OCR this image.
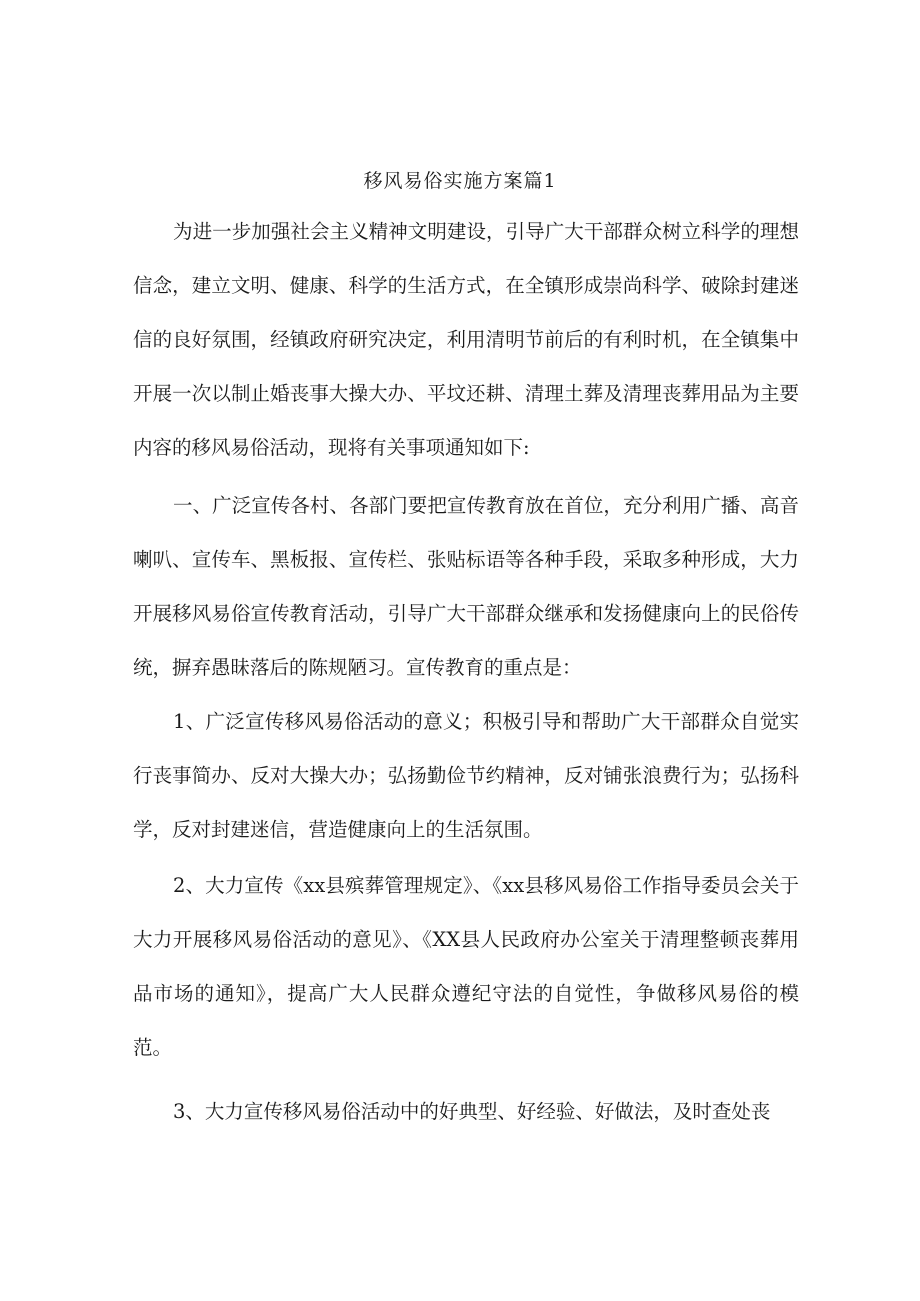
移风易俗实施方案篇1

为进一步加强社会主义精神文明建设，引导广大干部群众树立科学的理想信念，建立文明、健康、科学的生活方式，在全镇形成崇尚科学、破除封建迷信的良好氛围，经镇政府研究决定，利用清明节前后的有利时机，在全镇集中开展一次以制止婚丧事大操大办、平坟还耕、清理土葬及清理丧葬用品为主要内容的移风易俗活动，现将有关事项通知如下:

一、广泛宣传各村、各部门要把宣传教育放在首位，充分利用广播、高音喇叭、宣传车、黑板报、宣传栏、张贴标语等各种手段，采取多种形成，大力开展移风易俗宣传教育活动，引导广大干部群众继承和发扬健康向上的民俗传统，摒弃愚昧落后的陈规陋习。宣传教育的重点是：

1、广泛宣传移风易俗活动的意义；积极引导和帮助广大干部群众自觉实行丧事简办、反对大操大办；弘扬勤俭节约精神，反对铺张浪费行为；弘扬科学，反对封建迷信，营造健康向上的生活氛围。

2、大力宣传《xx县殡葬管理规定》、《xx县移风易俗工作指导委员会关于大力开展移风易俗活动的意见》、《XX县人民政府办公室关于清理整顿丧葬用品市场的通知》，提高广大人民群众遵纪守法的自觉性，争做移风易俗的模范。

3、大力宣传移风易俗活动中的好典型、好经验、好做法，及时查处丧
